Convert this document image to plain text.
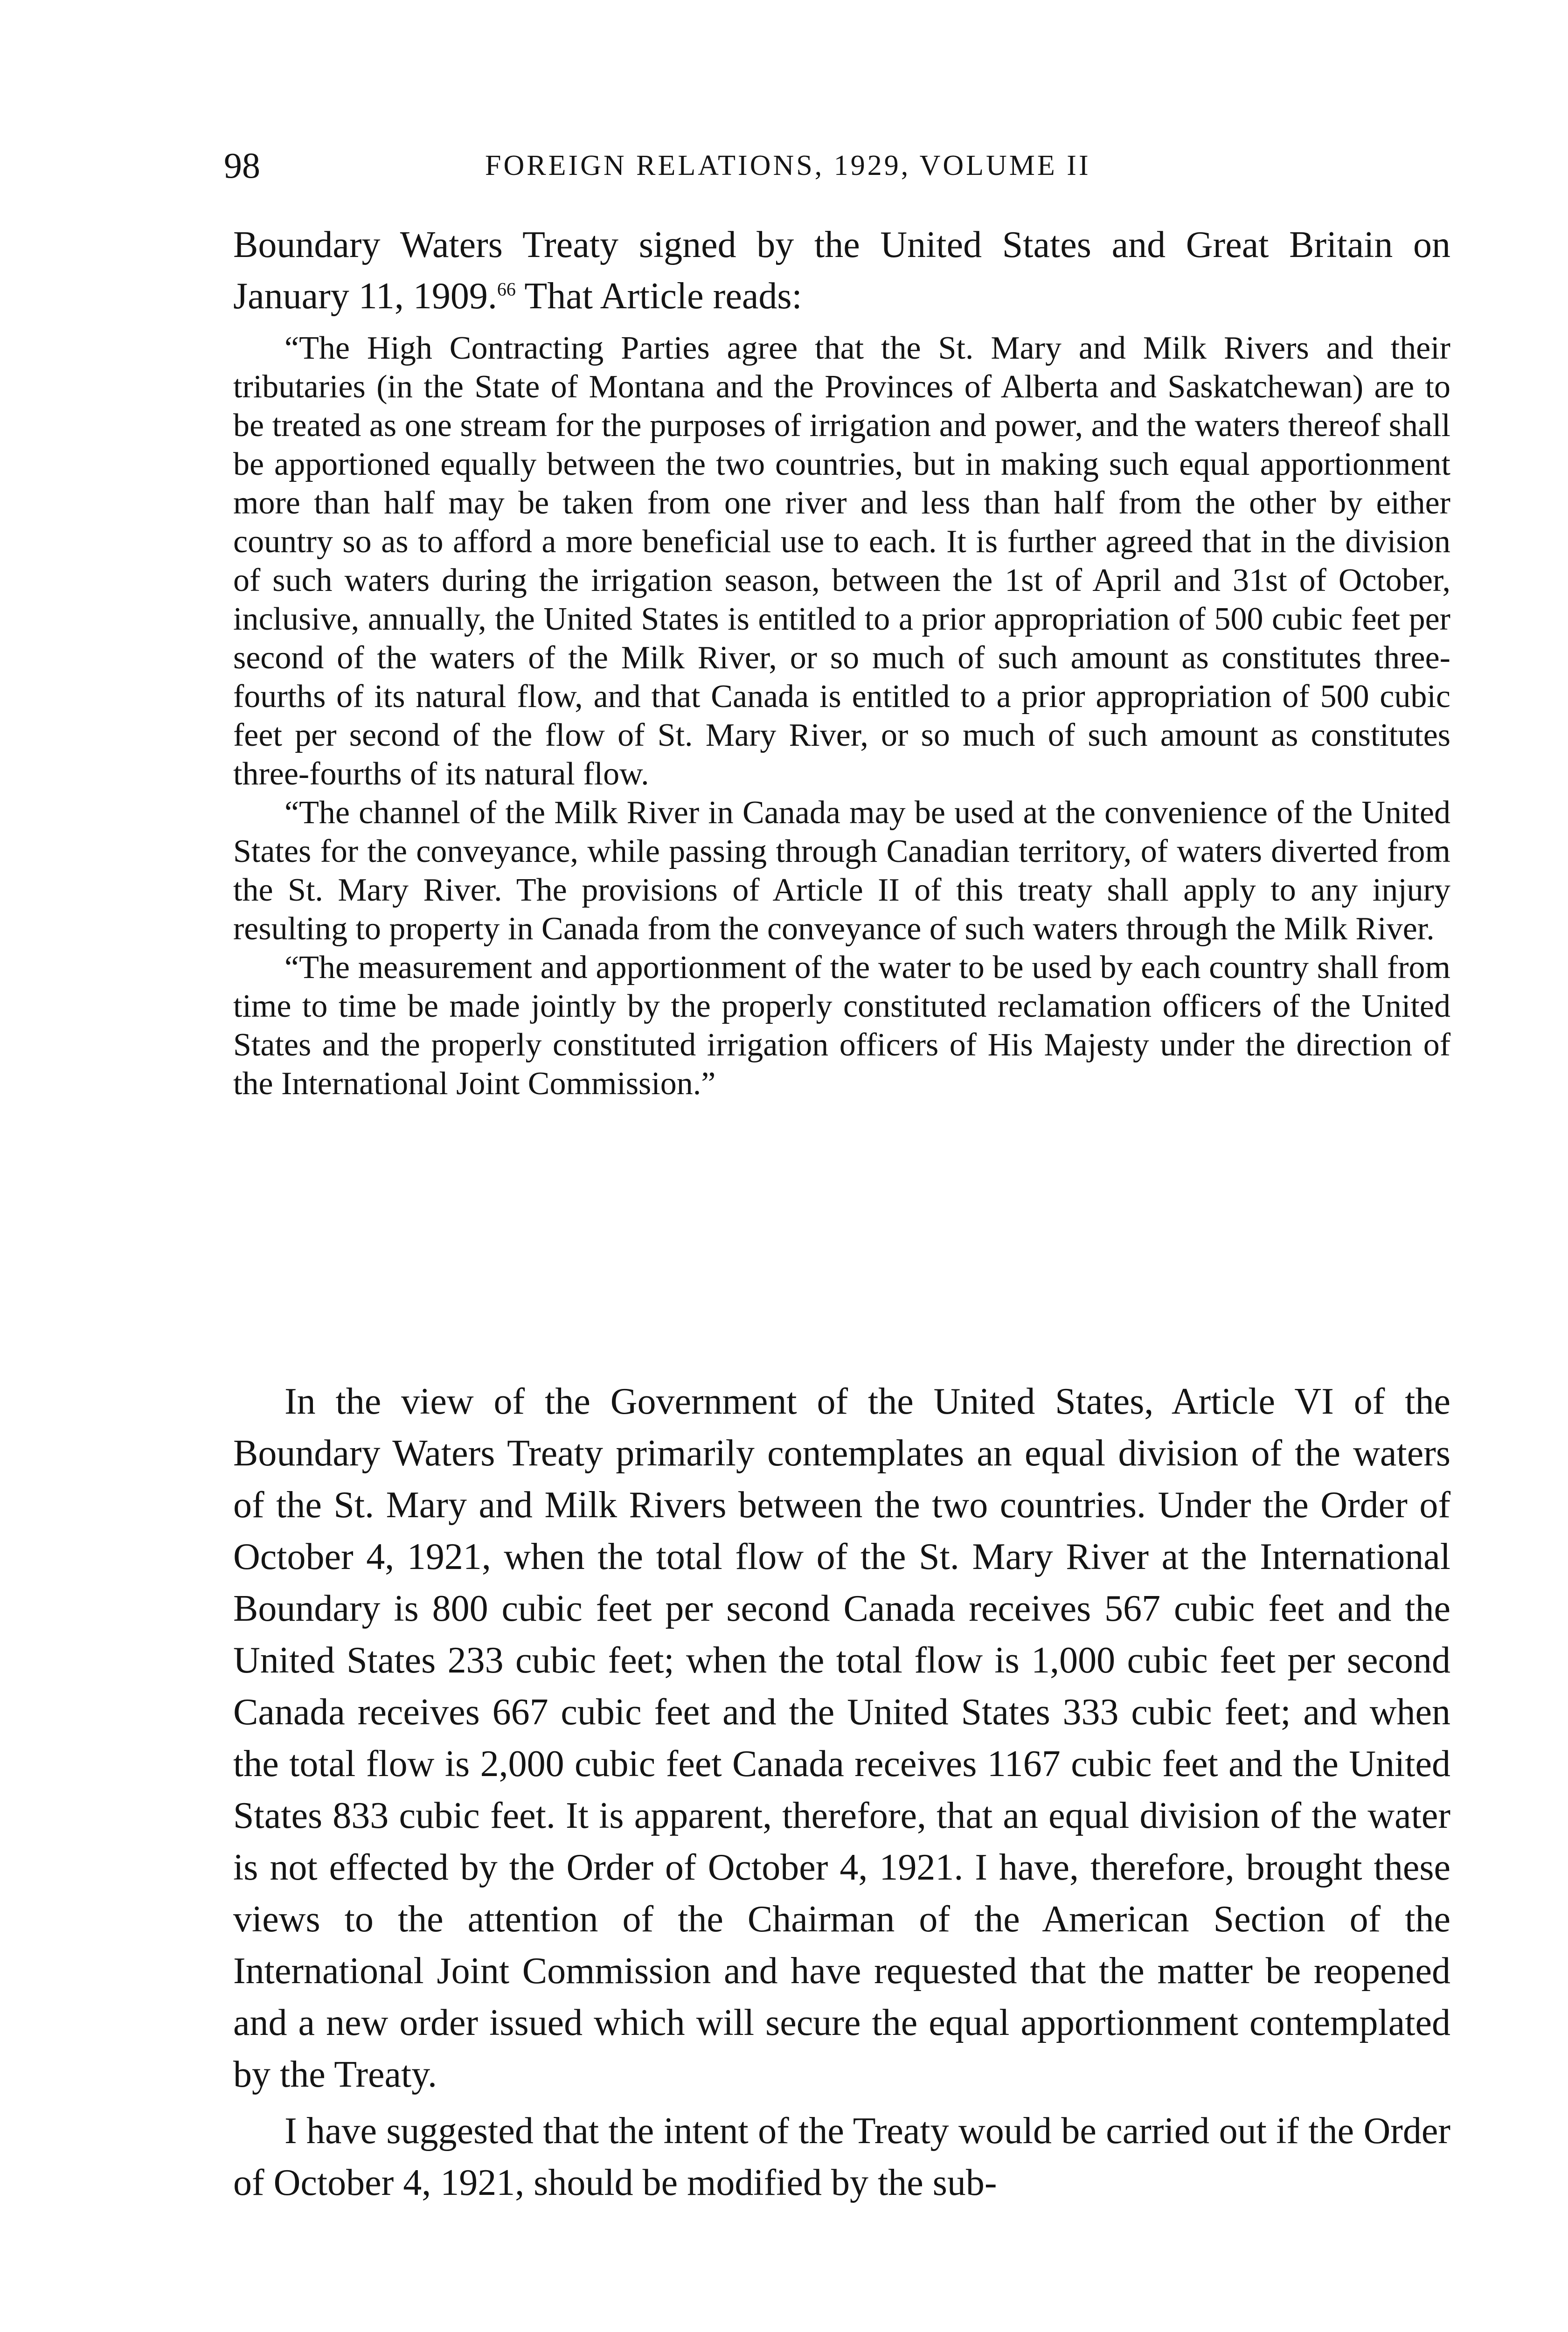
98	FOREIGN RELATIONS, 1929, VOLUME II

Boundary Waters Treaty signed by the United States and Great Britain on January 11, 1909.66 That Article reads:

“The High Contracting Parties agree that the St. Mary and Milk Rivers and their tributaries (in the State of Montana and the Provinces of Alberta and Saskatchewan) are to be treated as one stream for the purposes of irrigation and power, and the waters thereof shall be apportioned equally between the two countries, but in making such equal apportionment more than half may be taken from one river and less than half from the other by either country so as to afford a more beneficial use to each. It is further agreed that in the division of such waters during the irrigation season, between the 1st of April and 31st of October, inclusive, annually, the United States is entitled to a prior appropriation of 500 cubic feet per second of the waters of the Milk River, or so much of such amount as constitutes three-fourths of its natural flow, and that Canada is entitled to a prior appropriation of 500 cubic feet per second of the flow of St. Mary River, or so much of such amount as constitutes three-fourths of its natural flow.

“The channel of the Milk River in Canada may be used at the convenience of the United States for the conveyance, while passing through Canadian territory, of waters diverted from the St. Mary River. The provisions of Article II of this treaty shall apply to any injury resulting to property in Canada from the conveyance of such waters through the Milk River.

“The measurement and apportionment of the water to be used by each country shall from time to time be made jointly by the properly constituted reclamation officers of the United States and the properly constituted irrigation officers of His Majesty under the direction of the International Joint Commission.”

In the view of the Government of the United States, Article VI of the Boundary Waters Treaty primarily contemplates an equal division of the waters of the St. Mary and Milk Rivers between the two countries. Under the Order of October 4, 1921, when the total flow of the St. Mary River at the International Boundary is 800 cubic feet per second Canada receives 567 cubic feet and the United States 233 cubic feet; when the total flow is 1,000 cubic feet per second Canada receives 667 cubic feet and the United States 333 cubic feet; and when the total flow is 2,000 cubic feet Canada receives 1167 cubic feet and the United States 833 cubic feet. It is apparent, therefore, that an equal division of the water is not effected by the Order of October 4, 1921. I have, therefore, brought these views to the attention of the Chairman of the American Section of the International Joint Commission and have requested that the matter be reopened and a new order issued which will secure the equal apportionment contemplated by the Treaty.

I have suggested that the intent of the Treaty would be carried out if the Order of October 4, 1921, should be modified by the sub-
